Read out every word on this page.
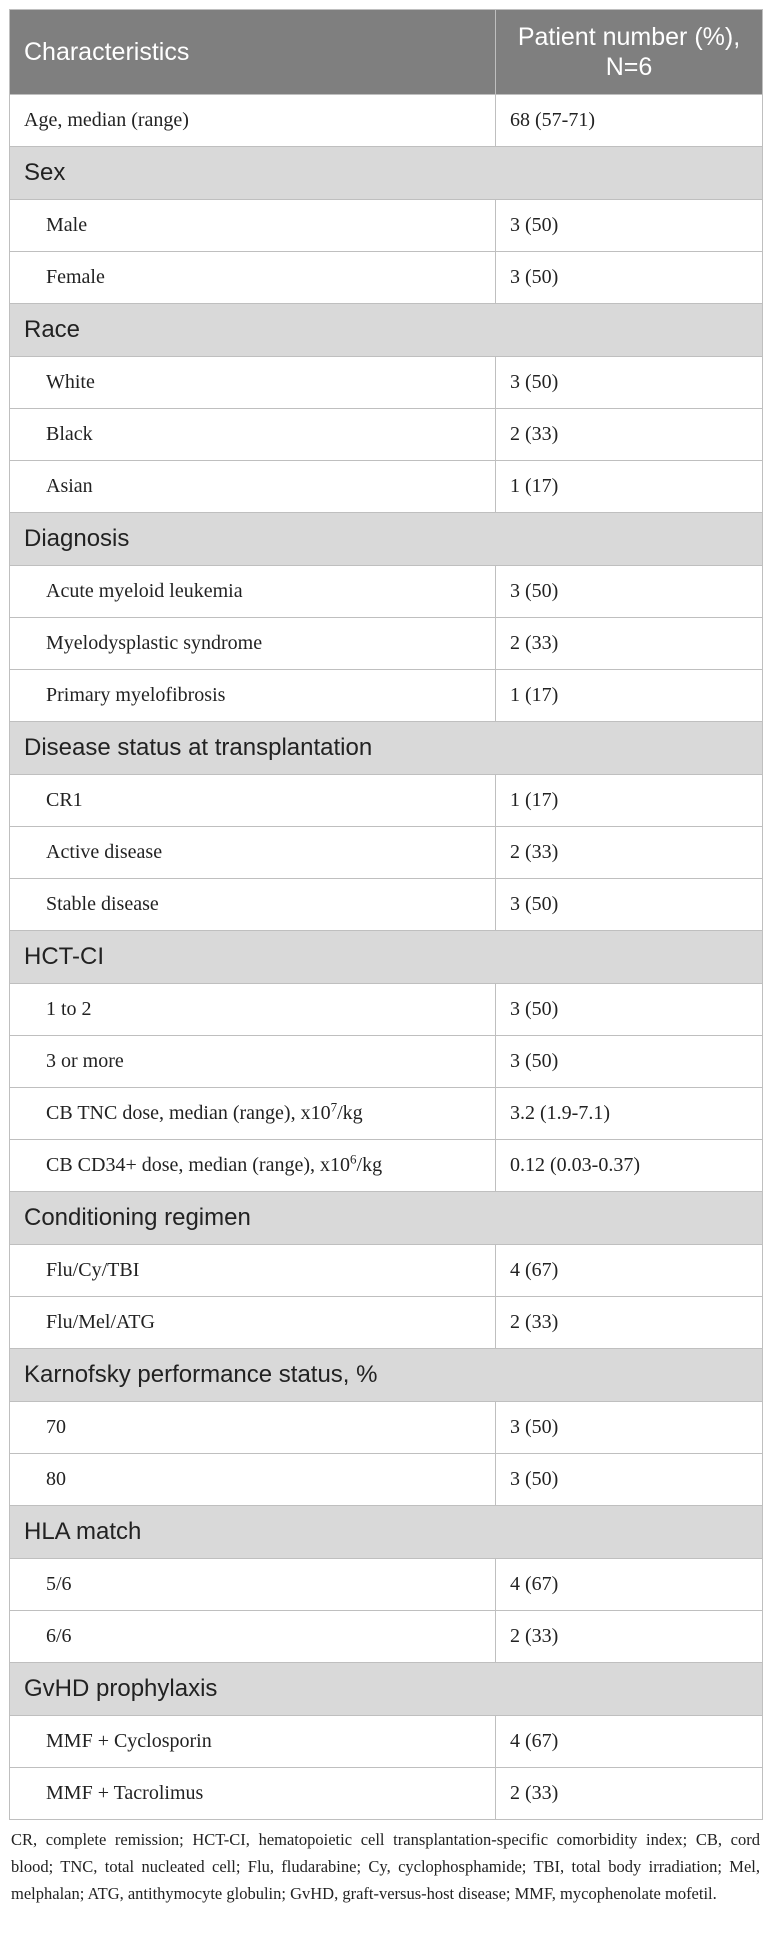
Characteristics	Patient number (%),
N=6
Age, median (range)	68 (57-71)
Sex	
Male	3 (50)
Female	3 (50)
Race	
White	3 (50)
Black	2 (33)
Asian	1 (17)
Diagnosis	
Acute myeloid leukemia	3 (50)
Myelodysplastic syndrome	2 (33)
Primary myelofibrosis	1 (17)
Disease status at transplantation	
CR1	1 (17)
Active disease	2 (33)
Stable disease	3 (50)
HCT-CI	
1 to 2	3 (50)
3 or more	3 (50)
CB TNC dose, median (range), $x10^7/kg$	3.2 (1.9-7.1)
CB CD34+ dose, median (range), $x10^6/kg$	0.12 (0.03-0.37)
Conditioning regimen	
Flu/Cy/TBI	4 (67)
Flu/Mel/ATG	2 (33)
Karnofsky performance status, %	
70	3 (50)
80	3 (50)
HLA match	
5/6	4 (67)
6/6	2 (33)
GvHD prophylaxis	
MMF + Cyclosporin	4 (67)
MMF + Tacrolimus	2 (33)
CR, complete remission; HCT-CI, hematopoietic cell transplantation-specific comorbidity index; CB, cord blood; TNC, total nucleated cell; Flu, fludarabine; Cy, cyclophosphamide; TBI, total body irradiation; Mel, melphalan; ATG, antithymocyte globulin; GvHD, graft-versus-host disease; MMF, mycophenolate mofetil.
